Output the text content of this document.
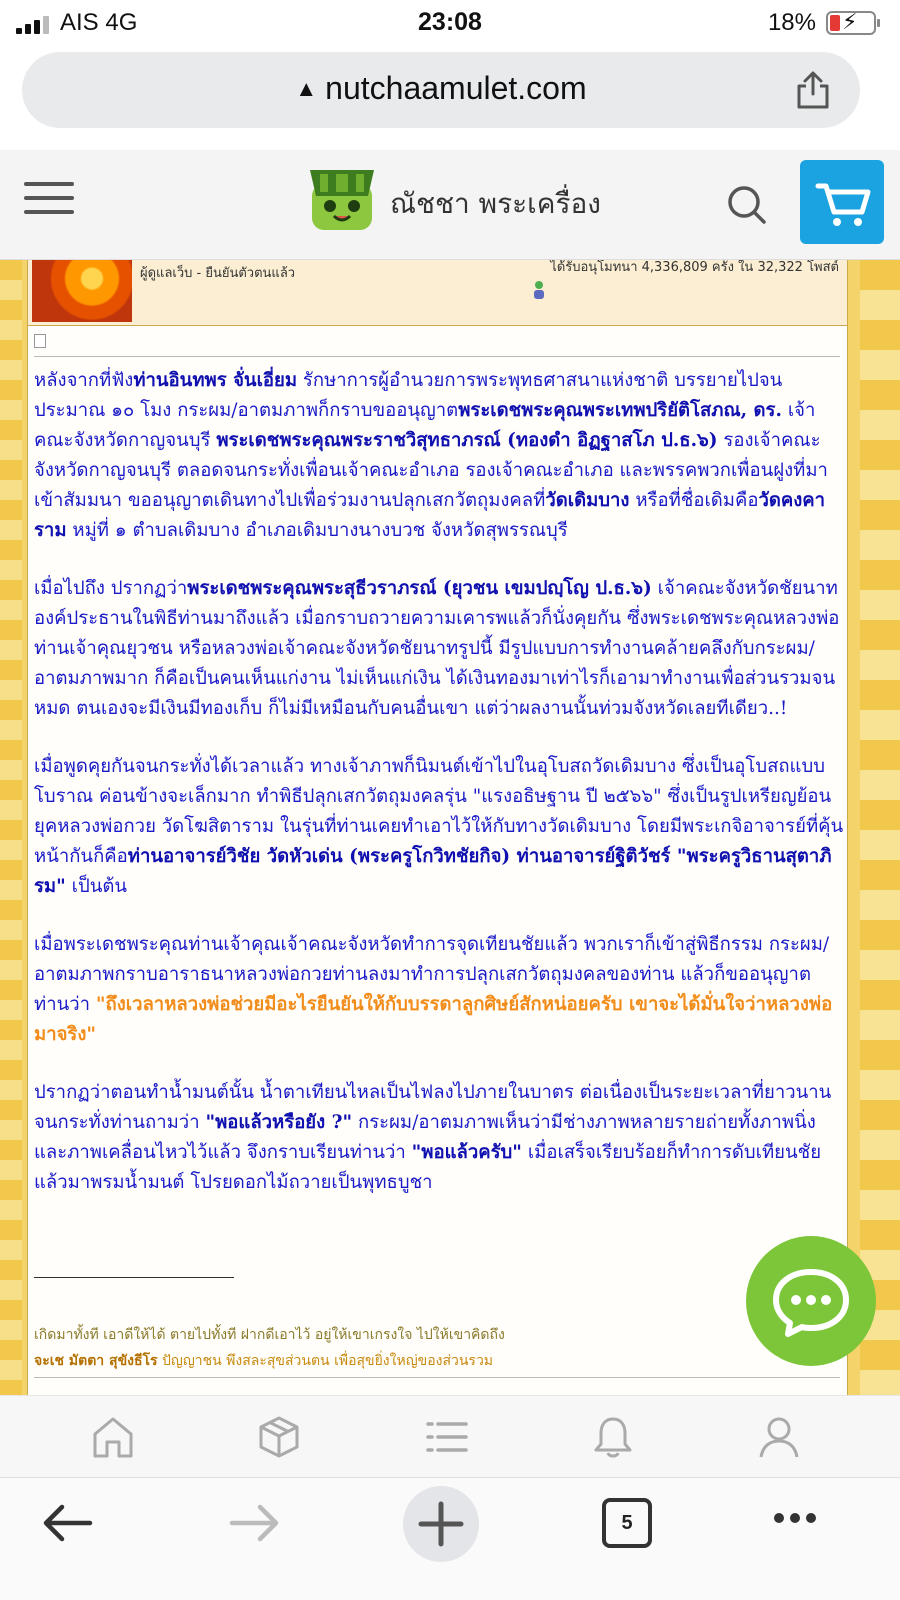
AIS 4G	23:08	18% ⚡
▲ nutchaamulet.com
ณัชชา พระเครื่อง
ผู้ดูแลเว็บ - ยืนยันตัวตนแล้ว	ได้รับอนุโมทนา 4,336,809 ครั้ง ใน 32,322 โพสต์

หลังจากที่ฟังท่านอินทพร จั่นเอี่ยม รักษาการผู้อำนวยการพระพุทธศาสนาแห่งชาติ บรรยายไปจนประมาณ ๑๐ โมง กระผม/อาตมภาพก็กราบขออนุญาตพระเดชพระคุณพระเทพปริยัติโสภณ, ดร. เจ้าคณะจังหวัดกาญจนบุรี พระเดชพระคุณพระราชวิสุทธาภรณ์ (ทองดำ อิฏฐาสโภ ป.ธ.๖) รองเจ้าคณะจังหวัดกาญจนบุรี ตลอดจนกระทั่งเพื่อนเจ้าคณะอำเภอ รองเจ้าคณะอำเภอ และพรรคพวกเพื่อนฝูงที่มาเข้าสัมมนา ขออนุญาตเดินทางไปเพื่อร่วมงานปลุกเสกวัตถุมงคลที่วัดเดิมบาง หรือที่ชื่อเดิมคือวัดคงคาราม หมู่ที่ ๑ ตำบลเดิมบาง อำเภอเดิมบางนางบวช จังหวัดสุพรรณบุรี

เมื่อไปถึง ปรากฏว่าพระเดชพระคุณพระสุธีวราภรณ์ (ยุวชน เขมปญฺโญ ป.ธ.๖) เจ้าคณะจังหวัดชัยนาท องค์ประธานในพิธีท่านมาถึงแล้ว เมื่อกราบถวายความเคารพแล้วก็นั่งคุยกัน ซึ่งพระเดชพระคุณหลวงพ่อท่านเจ้าคุณยุวชน หรือหลวงพ่อเจ้าคณะจังหวัดชัยนาทรูปนี้ มีรูปแบบการทำงานคล้ายคลึงกับกระผม/อาตมภาพมาก ก็คือเป็นคนเห็นแก่งาน ไม่เห็นแก่เงิน ได้เงินทองมาเท่าไรก็เอามาทำงานเพื่อส่วนรวมจนหมด ตนเองจะมีเงินมีทองเก็บ ก็ไม่มีเหมือนกับคนอื่นเขา แต่ว่าผลงานนั้นท่วมจังหวัดเลยทีเดียว..!

เมื่อพูดคุยกันจนกระทั่งได้เวลาแล้ว ทางเจ้าภาพก็นิมนต์เข้าไปในอุโบสถวัดเดิมบาง ซึ่งเป็นอุโบสถแบบโบราณ ค่อนข้างจะเล็กมาก ทำพิธีปลุกเสกวัตถุมงคลรุ่น "แรงอธิษฐาน ปี ๒๕๖๖" ซึ่งเป็นรูปเหรียญย้อนยุคหลวงพ่อกวย วัดโฆสิตาราม ในรุ่นที่ท่านเคยทำเอาไว้ให้กับทางวัดเดิมบาง โดยมีพระเกจิอาจารย์ที่คุ้นหน้ากันก็คือท่านอาจารย์วิชัย วัดหัวเด่น (พระครูโกวิทชัยกิจ) ท่านอาจารย์ฐิติวัชร์ "พระครูวิธานสุตาภิรม" เป็นต้น

เมื่อพระเดชพระคุณท่านเจ้าคุณเจ้าคณะจังหวัดทำการจุดเทียนชัยแล้ว พวกเราก็เข้าสู่พิธีกรรม กระผม/อาตมภาพกราบอาราธนาหลวงพ่อกวยท่านลงมาทำการปลุกเสกวัตถุมงคลของท่าน แล้วก็ขออนุญาตท่านว่า "ถึงเวลาหลวงพ่อช่วยมีอะไรยืนยันให้กับบรรดาลูกศิษย์สักหน่อยครับ เขาจะได้มั่นใจว่าหลวงพ่อมาจริง"

ปรากฏว่าตอนทำน้ำมนต์นั้น น้ำตาเทียนไหลเป็นไฟลงไปภายในบาตร ต่อเนื่องเป็นระยะเวลาที่ยาวนาน จนกระทั่งท่านถามว่า "พอแล้วหรือยัง ?" กระผม/อาตมภาพเห็นว่ามีช่างภาพหลายรายถ่ายทั้งภาพนิ่งและภาพเคลื่อนไหวไว้แล้ว จึงกราบเรียนท่านว่า "พอแล้วครับ" เมื่อเสร็จเรียบร้อยก็ทำการดับเทียนชัย แล้วมาพรมน้ำมนต์ โปรยดอกไม้ถวายเป็นพุทธบูชา

เกิดมาทั้งที เอาดีให้ได้ ตายไปทั้งที ฝากดีเอาไว้ อยู่ให้เขาเกรงใจ ไปให้เขาคิดถึง
จะเช มัตตา สุขังธีโร ปัญญาชน พึงสละสุขส่วนตน เพื่อสุขยิ่งใหญ่ของส่วนรวม
5
